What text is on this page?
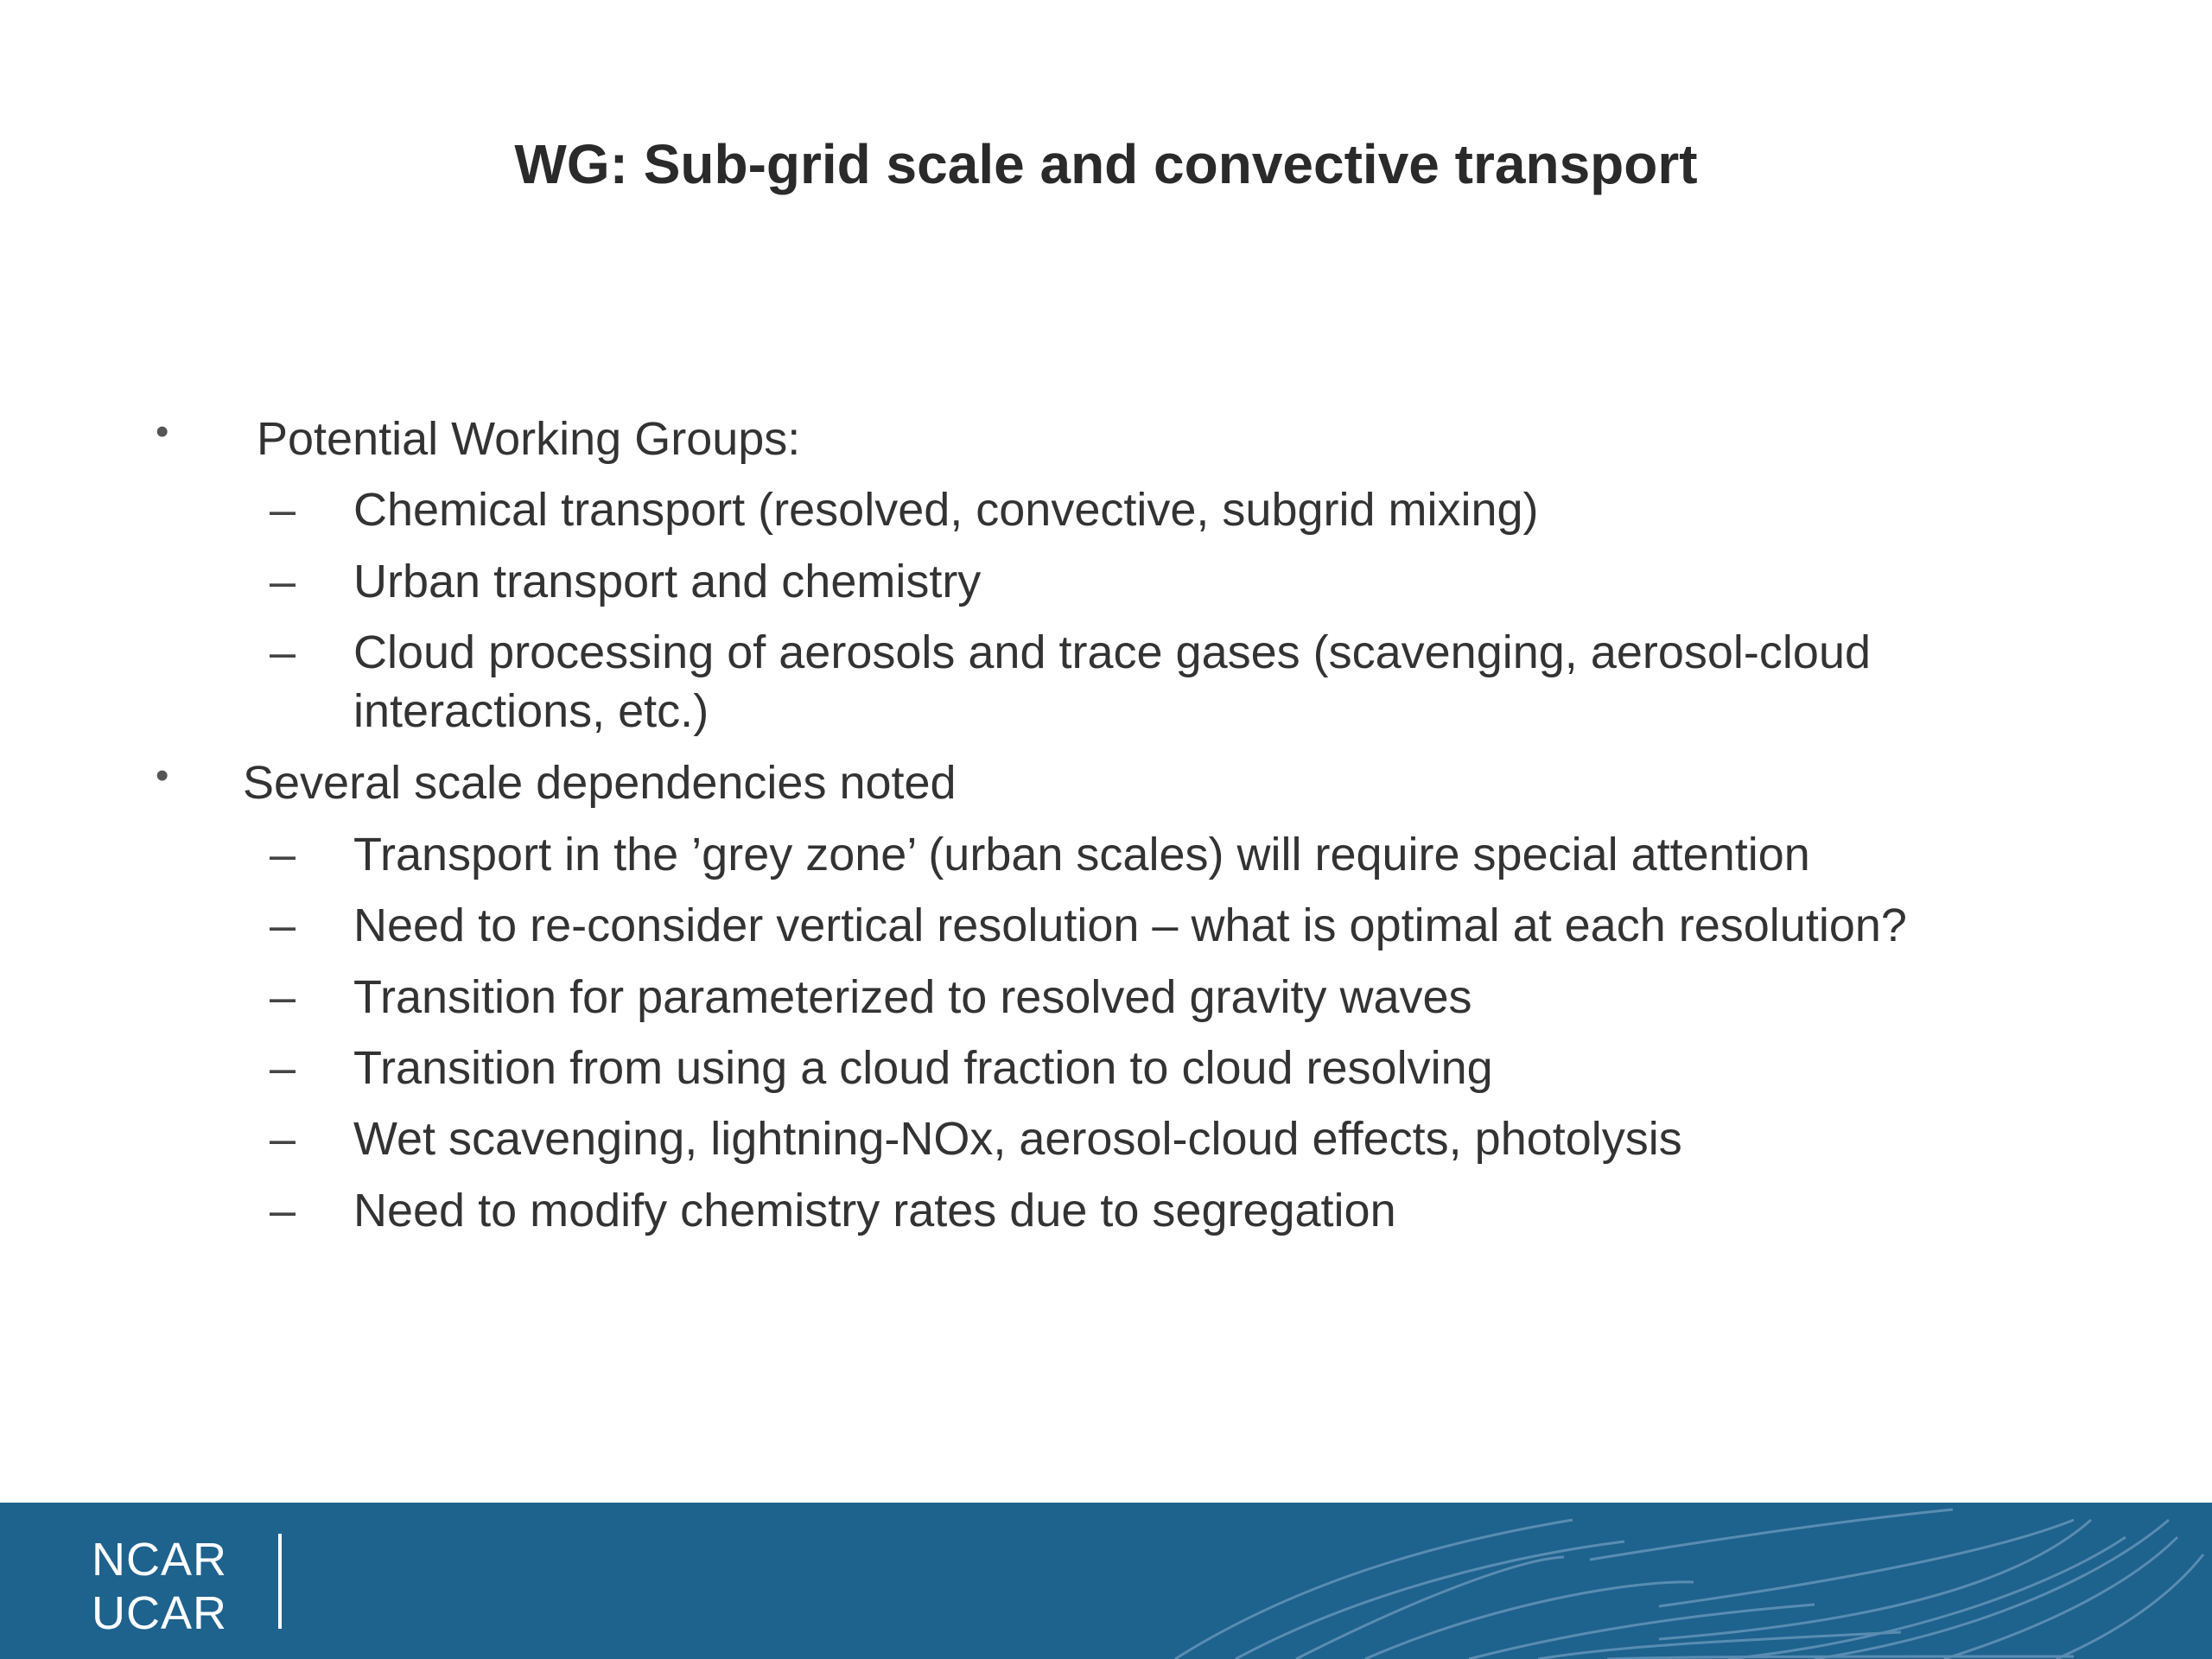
WG: Sub-grid scale and convective transport
• Potential Working Groups:
– Chemical transport (resolved, convective, subgrid mixing)
– Urban transport and chemistry
– Cloud processing of aerosols and trace gases (scavenging, aerosol-cloud
interactions, etc.)
• Several scale dependencies noted
– Transport in the ’grey zone’ (urban scales) will require special attention
– Need to re-consider vertical resolution – what is optimal at each resolution?
– Transition for parameterized to resolved gravity waves
– Transition from using a cloud fraction to cloud resolving
– Wet scavenging, lightning-NOx, aerosol-cloud effects, photolysis
– Need to modify chemistry rates due to segregation
NCAR
UCAR
